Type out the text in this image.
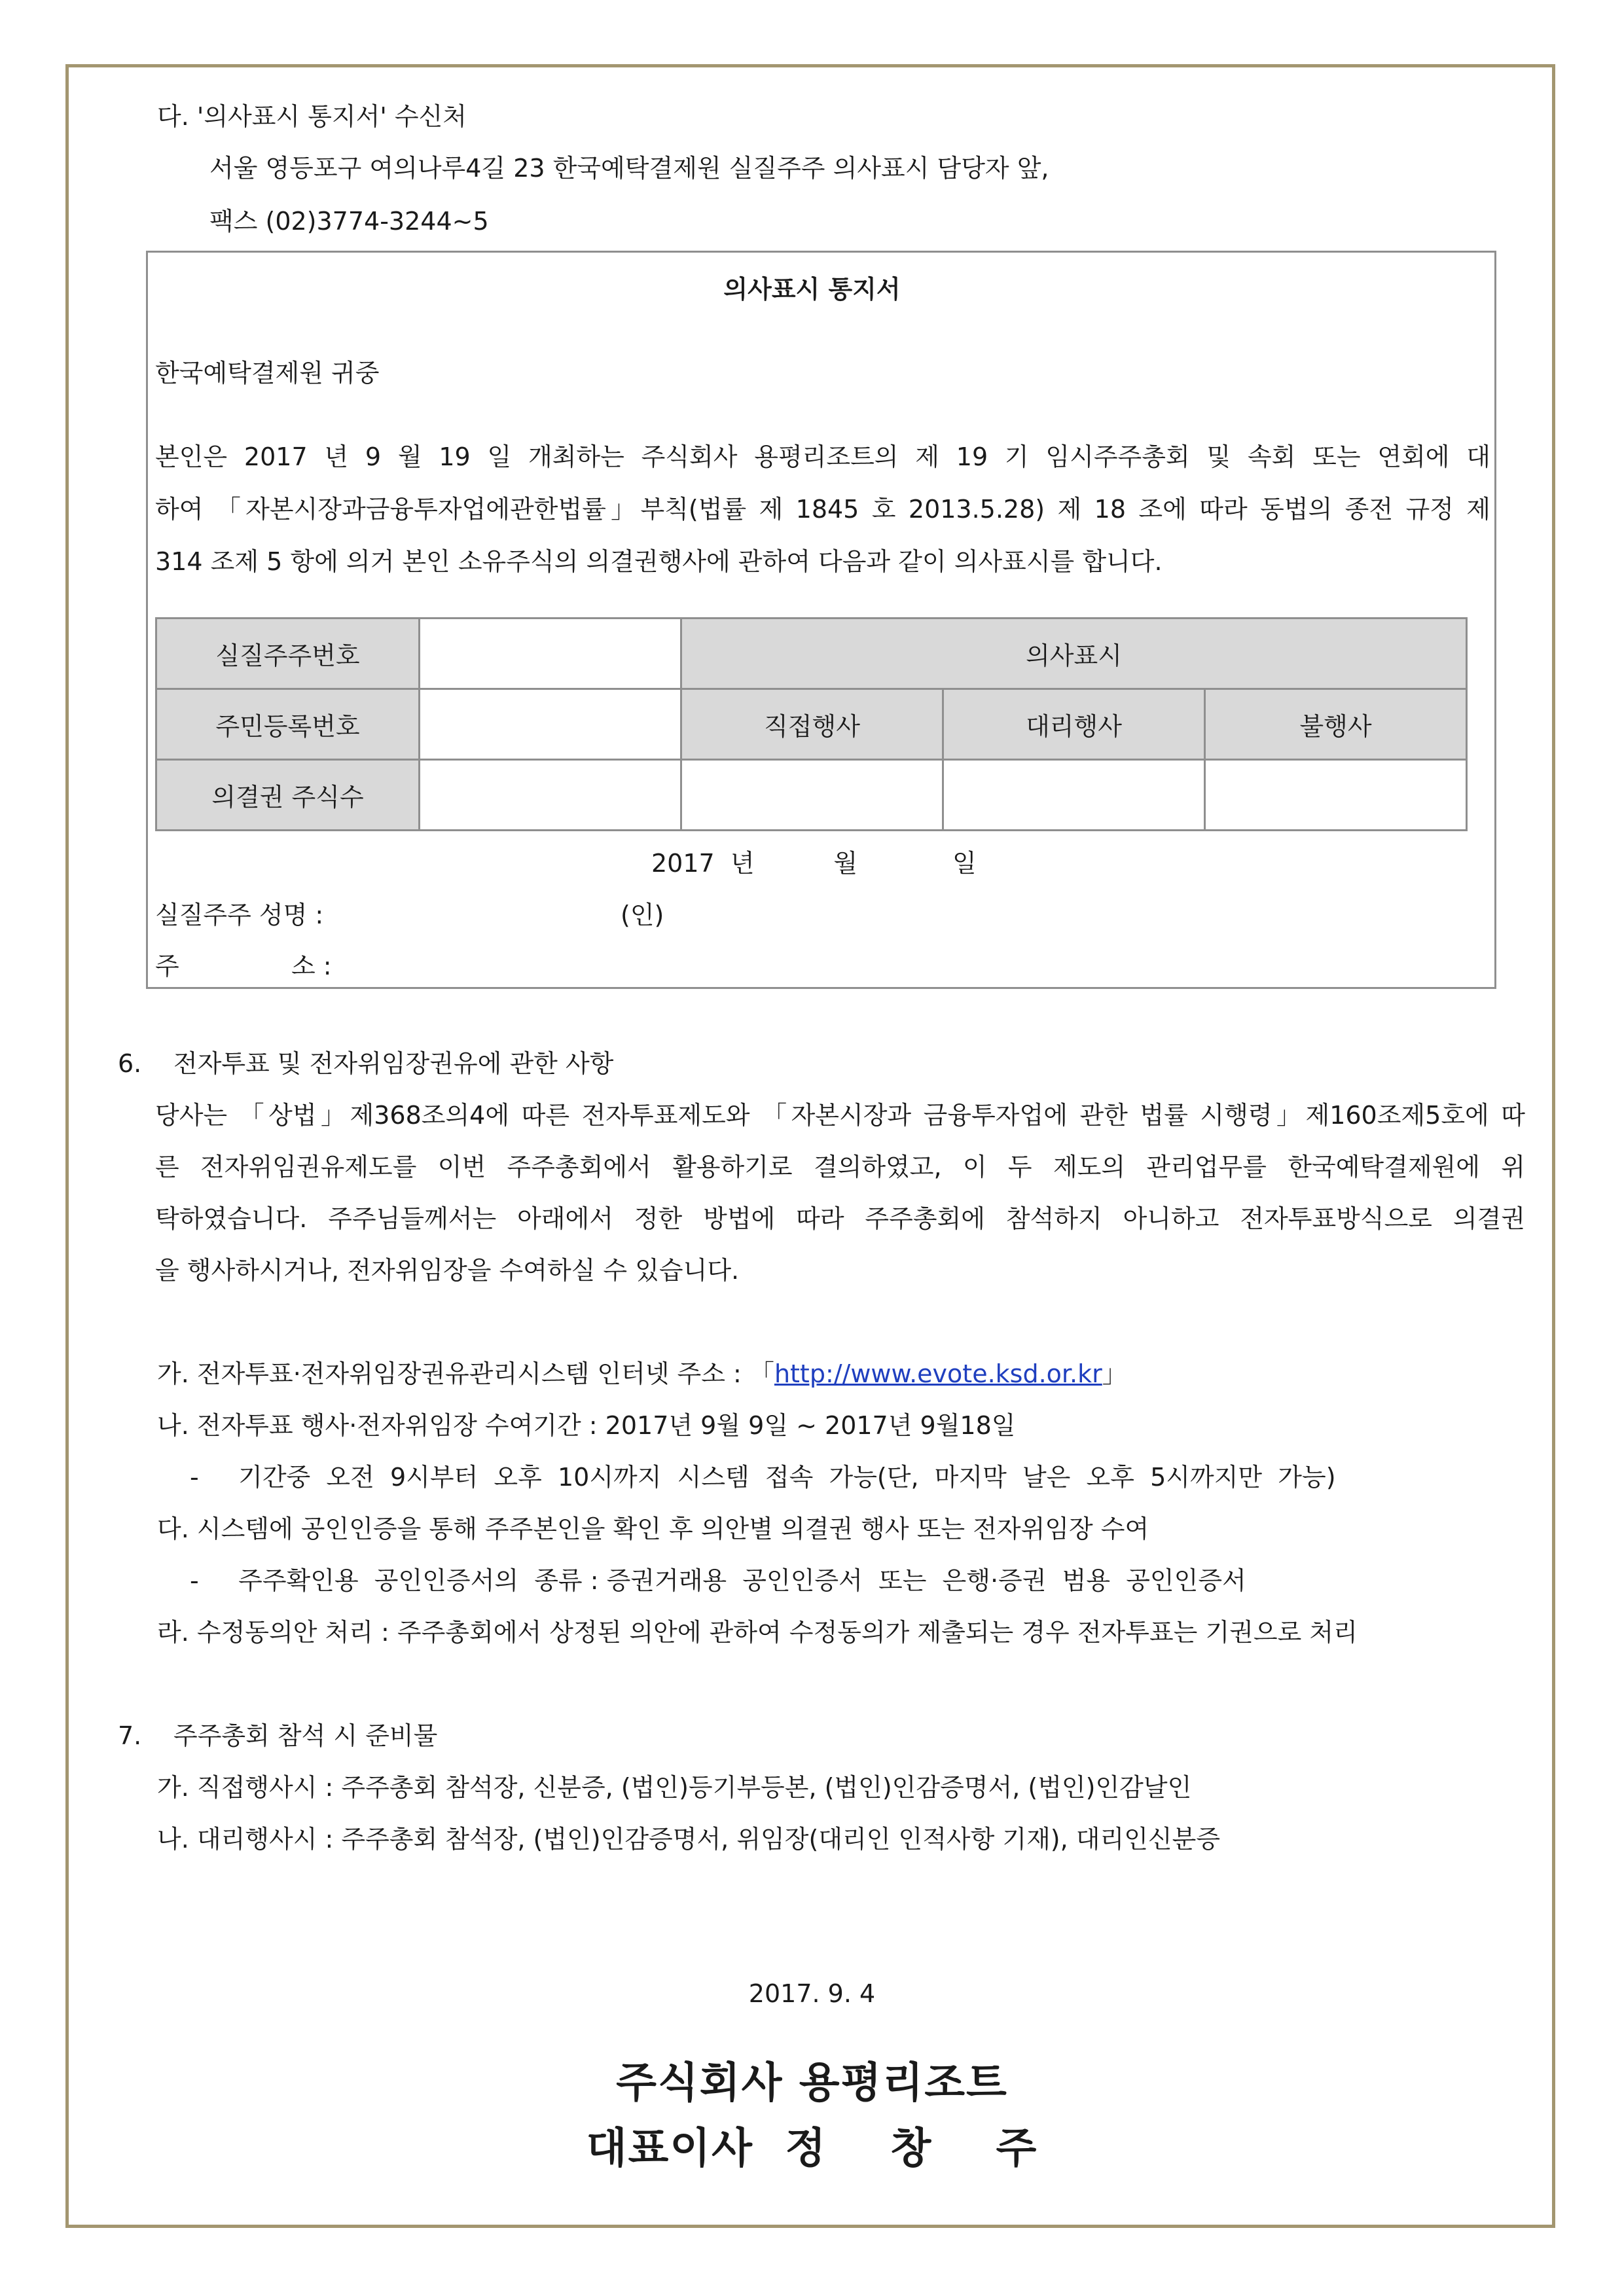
다. '의사표시 통지서' 수신처
서울 영등포구 여의나루4길 23 한국예탁결제원 실질주주 의사표시 담당자 앞,
팩스 (02)3774-3244~5
의사표시 통지서
한국예탁결제원 귀중
본인은 2017 년 9 월 19 일 개최하는 주식회사 용평리조트의 제 19 기 임시주주총회 및 속회 또는 연회에 대
하여 「자본시장과금융투자업에관한법률」부칙(법률 제 1845 호 2013.5.28) 제 18 조에 따라 동법의 종전 규정 제
314 조제 5 항에 의거 본인 소유주식의 의결권행사에 관하여 다음과 같이 의사표시를 합니다.
실질주주번호		의사표시		
주민등록번호		직접행사	대리행사	불행사
의결권 주식수				
2017  년          월            일
실질주주 성명 :	(인)
주	소 :
6. 전자투표 및 전자위임장권유에 관한 사항
당사는 「상법」제368조의4에 따른 전자투표제도와 「자본시장과 금융투자업에 관한 법률 시행령」제160조제5호에 따
른 전자위임권유제도를 이번 주주총회에서 활용하기로 결의하였고, 이 두 제도의 관리업무를 한국예탁결제원에 위
탁하였습니다. 주주님들께서는 아래에서 정한 방법에 따라 주주총회에 참석하지 아니하고 전자투표방식으로 의결권
을 행사하시거나, 전자위임장을 수여하실 수 있습니다.
가. 전자투표·전자위임장권유관리시스템 인터넷 주소 : 「http://www.evote.ksd.or.kr」
나. 전자투표 행사·전자위임장 수여기간 : 2017년 9월 9일 ~ 2017년 9월18일
-     기간중  오전  9시부터  오후  10시까지  시스템  접속  가능(단,  마지막  날은  오후  5시까지만  가능)
다. 시스템에 공인인증을 통해 주주본인을 확인 후 의안별 의결권 행사 또는 전자위임장 수여
-     주주확인용  공인인증서의  종류 : 증권거래용  공인인증서  또는  은행·증권  범용  공인인증서
라. 수정동의안 처리 : 주주총회에서 상정된 의안에 관하여 수정동의가 제출되는 경우 전자투표는 기권으로 처리
7. 주주총회 참석 시 준비물
가. 직접행사시 : 주주총회 참석장, 신분증, (법인)등기부등본, (법인)인감증명서, (법인)인감날인
나. 대리행사시 : 주주총회 참석장, (법인)인감증명서, 위임장(대리인 인적사항 기재), 대리인신분증
2017. 9. 4
주식회사 용평리조트
대표이사  정    창    주
